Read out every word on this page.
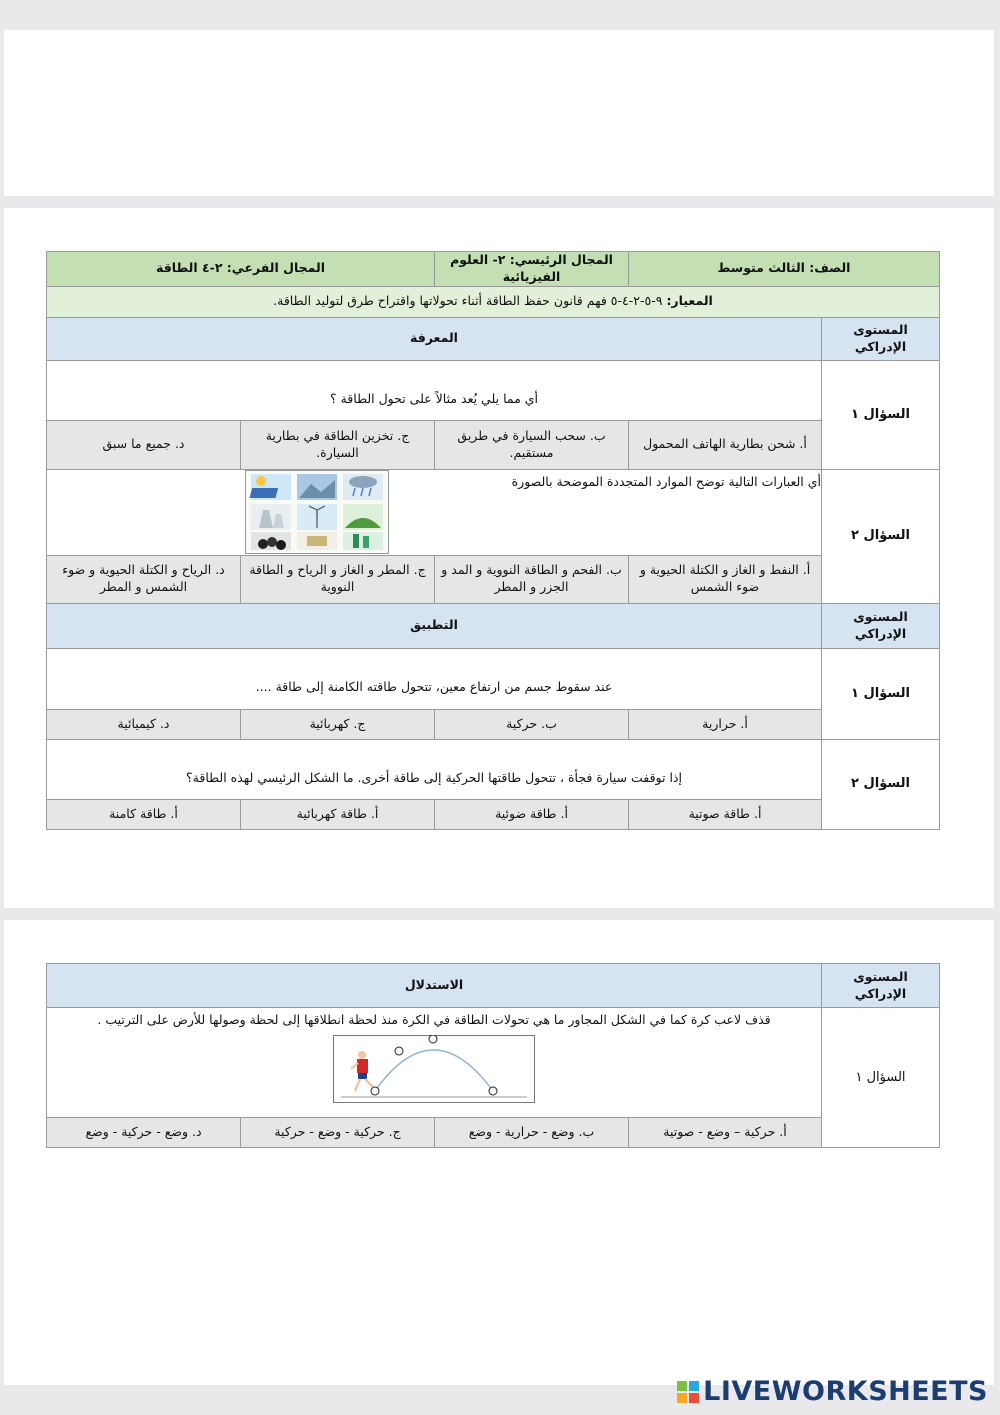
الصف: الثالث متوسط		المجال الرئيسي: ٢- العلوم الفيزيائية	المجال الفرعي: ٢-٤ الطاقة	
المعيار: ٩-٥-٢-٤-٥ فهم قانون حفظ الطاقة أثناء تحولاتها واقتراح طرق لتوليد الطاقة.				
المستوى الإدراكي	المعرفة			
السؤال ١	أي مما يلي يُعد مثالاً على تحول الطاقة ؟			

	أ. شحن بطارية الهاتف المحمول	ب. سحب السيارة في طريق مستقيم.	ج. تخزين الطاقة في بطارية السيارة.	د. جميع ما سبق
السؤال ٢	أي العبارات التالية توضح الموارد المتجددة الموضحة بالصورة			

	أ. النفط و الغاز و الكتلة الحيوية و ضوء الشمس	ب. الفحم و الطاقة النووية و المد و الجزر و المطر	ج. المطر و الغاز و الرياح و الطاقة النووية	د. الرياح و الكتلة الحيوية و ضوء الشمس و المطر
المستوى الإدراكي	التطبيق			
السؤال ١	عند سقوط جسم من ارتفاع معين، تتحول طاقته الكامنة إلى طاقة ....			

	أ. حرارية	ب. حركية	ج. كهربائية	د. كيميائية
السؤال ٢	إذا توقفت سيارة فجأة ، تتحول طاقتها الحركية إلى طاقة أخرى. ما الشكل الرئيسي لهذه الطاقة؟			

	أ. طاقة صوتية	أ. طاقة ضوئية	أ. طاقة كهربائية	أ. طاقة كامنة
المستوى الإدراكي	الاستدلال			
السؤال ١	قذف لاعب كرة كما في الشكل المجاور ما هي تحولات الطاقة في الكرة منذ لحظة انطلاقها إلى لحظة وصولها للأرض على الترتيب .			

	أ. حركية – وضع - صوتية	ب. وضع - حرارية - وضع	ج. حركية - وضع - حركية	د. وضع - حركية - وضع
LIVEWORKSHEETS
